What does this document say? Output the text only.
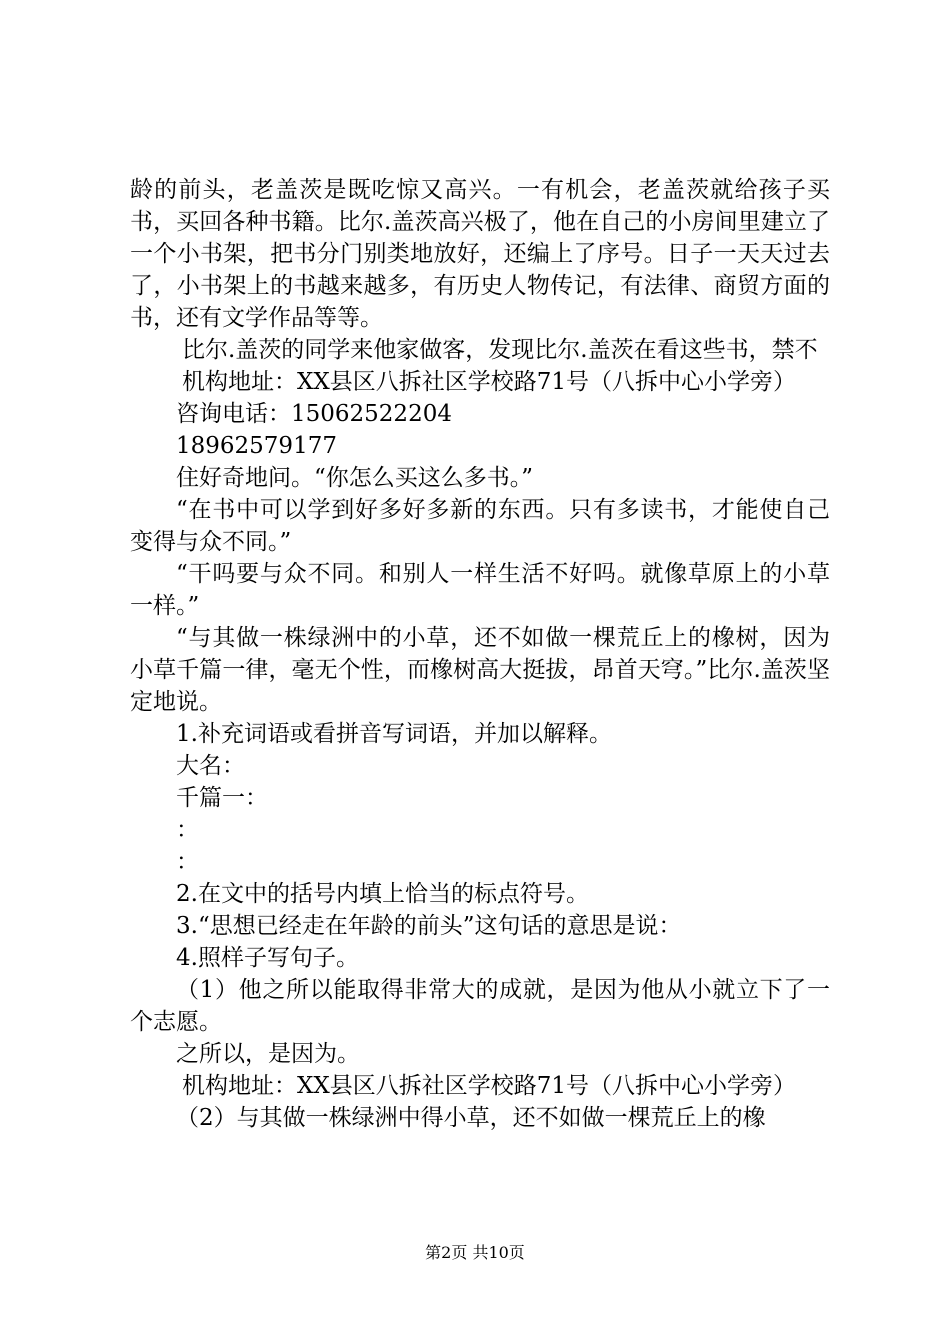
龄的前头，老盖茨是既吃惊又高兴。一有机会，老盖茨就给孩子买书，买回各种书籍。比尔.盖茨高兴极了，他在自己的小房间里建立了一个小书架，把书分门别类地放好，还编上了序号。日子一天天过去了，小书架上的书越来越多，有历史人物传记，有法律、商贸方面的书，还有文学作品等等。

比尔.盖茨的同学来他家做客，发现比尔.盖茨在看这些书，禁不

机构地址：XX县区八拆社区学校路71号（八拆中心小学旁）

咨询电话：15062522204

18962579177

住好奇地问。“你怎么买这么多书。”

“在书中可以学到好多好多新的东西。只有多读书，才能使自己变得与众不同。”

“干吗要与众不同。和别人一样生活不好吗。就像草原上的小草一样。”

“与其做一株绿洲中的小草，还不如做一棵荒丘上的橡树，因为小草千篇一律，毫无个性，而橡树高大挺拔，昂首天穹。”比尔.盖茨坚定地说。

1.补充词语或看拼音写词语，并加以解释。

大名：

千篇一：

：

：

2.在文中的括号内填上恰当的标点符号。

3.“思想已经走在年龄的前头”这句话的意思是说：

4.照样子写句子。

（1）他之所以能取得非常大的成就，是因为他从小就立下了一个志愿。

之所以，是因为。

机构地址：XX县区八拆社区学校路71号（八拆中心小学旁）

（2）与其做一株绿洲中得小草，还不如做一棵荒丘上的橡

第2页 共10页
